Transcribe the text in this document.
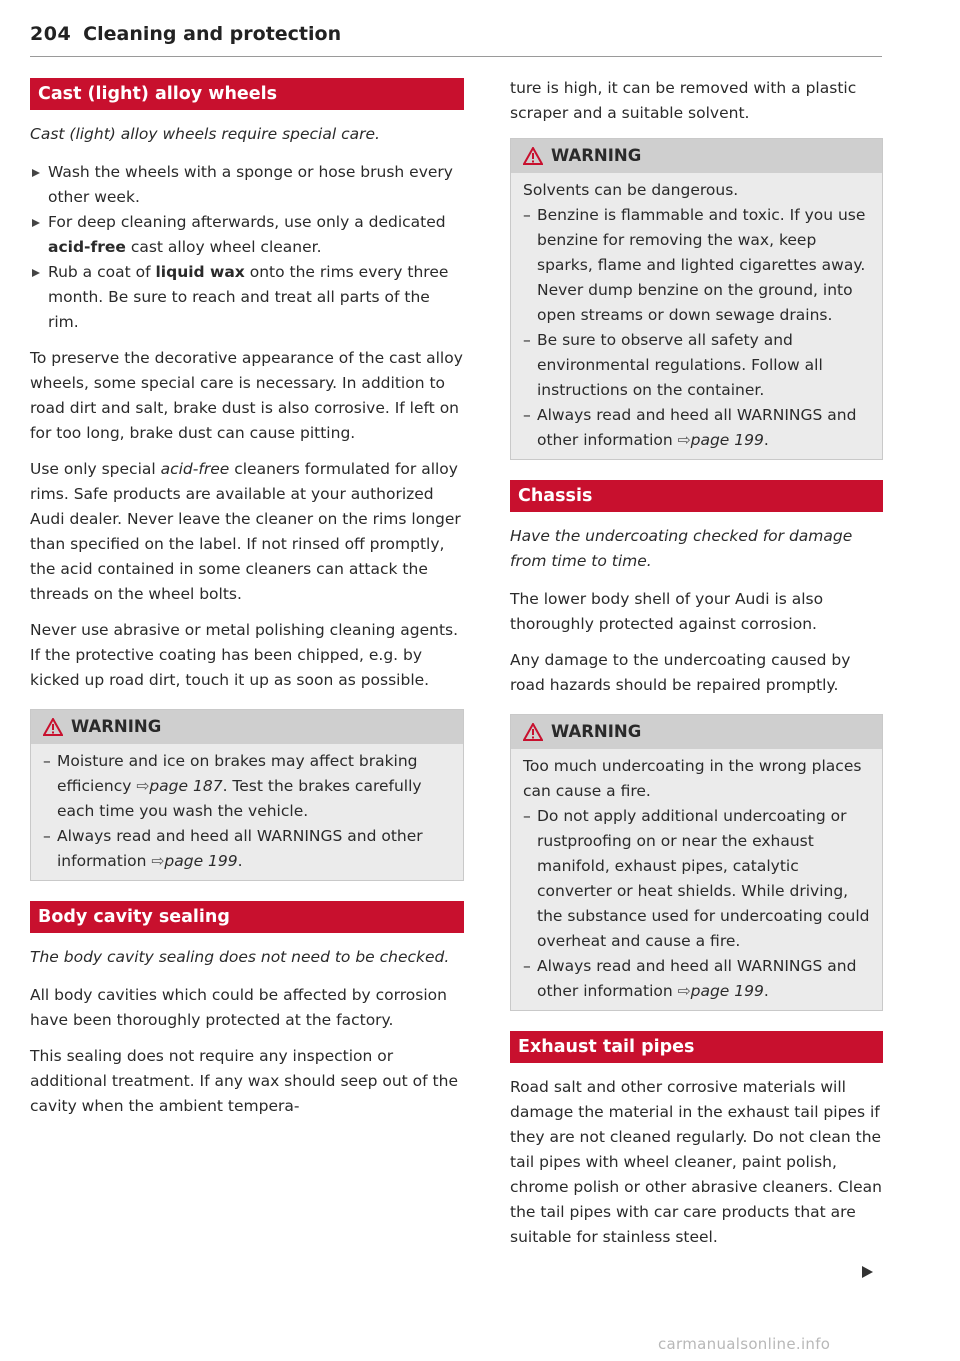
204 Cleaning and protection
Cast (light) alloy wheels

Cast (light) alloy wheels require special care.

Wash the wheels with a sponge or hose brush every other week.
For deep cleaning afterwards, use only a dedicated acid-free cast alloy wheel cleaner.
Rub a coat of liquid wax onto the rims every three month. Be sure to reach and treat all parts of the rim.

To preserve the decorative appearance of the cast alloy wheels, some special care is necessary. In addition to road dirt and salt, brake dust is also corrosive. If left on for too long, brake dust can cause pitting.

Use only special acid-free cleaners formulated for alloy rims. Safe products are available at your authorized Audi dealer. Never leave the cleaner on the rims longer than specified on the label. If not rinsed off promptly, the acid contained in some cleaners can attack the threads on the wheel bolts.

Never use abrasive or metal polishing cleaning agents. If the protective coating has been chipped, e.g. by kicked up road dirt, touch it up as soon as possible.

WARNING
– Moisture and ice on brakes may affect braking efficiency ⇨page 187. Test the brakes carefully each time you wash the vehicle.
– Always read and heed all WARNINGS and other information ⇨page 199.
Body cavity sealing

The body cavity sealing does not need to be checked.

All body cavities which could be affected by corrosion have been thoroughly protected at the factory.

This sealing does not require any inspection or additional treatment. If any wax should seep out of the cavity when the ambient tempera-

ture is high, it can be removed with a plastic scraper and a suitable solvent.

WARNING

Solvents can be dangerous.

– Benzine is flammable and toxic. If you use benzine for removing the wax, keep sparks, flame and lighted cigarettes away. Never dump benzine on the ground, into open streams or down sewage drains.
– Be sure to observe all safety and environmental regulations. Follow all instructions on the container.
– Always read and heed all WARNINGS and other information ⇨page 199.
Chassis

Have the undercoating checked for damage from time to time.

The lower body shell of your Audi is also thoroughly protected against corrosion.

Any damage to the undercoating caused by road hazards should be repaired promptly.

WARNING

Too much undercoating in the wrong places can cause a fire.

– Do not apply additional undercoating or rustproofing on or near the exhaust manifold, exhaust pipes, catalytic converter or heat shields. While driving, the substance used for undercoating could overheat and cause a fire.
– Always read and heed all WARNINGS and other information ⇨page 199.
Exhaust tail pipes

Road salt and other corrosive materials will damage the material in the exhaust tail pipes if they are not cleaned regularly. Do not clean the tail pipes with wheel cleaner, paint polish, chrome polish or other abrasive cleaners. Clean the tail pipes with car care products that are suitable for stainless steel.

carmanualsonline.info
